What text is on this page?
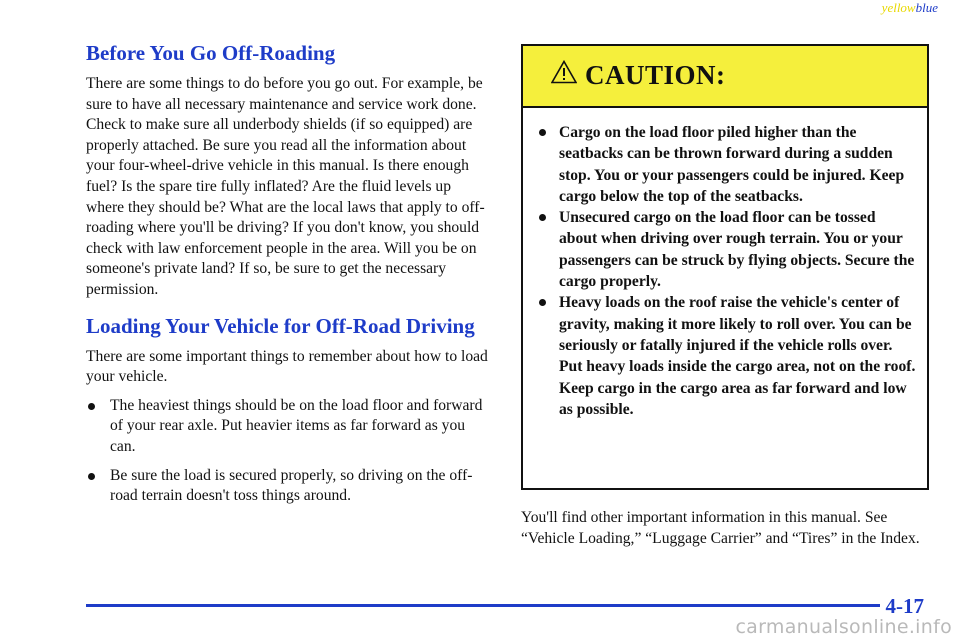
yellowblue
Before You Go Off-Roading

There are some things to do before you go out. For example, be sure to have all necessary maintenance and service work done. Check to make sure all underbody shields (if so equipped) are properly attached. Be sure you read all the information about your four-wheel-drive vehicle in this manual. Is there enough fuel? Is the spare tire fully inflated? Are the fluid levels up where they should be? What are the local laws that apply to off-roading where you'll be driving? If you don't know, you should check with law enforcement people in the area. Will you be on someone's private land? If so, be sure to get the necessary permission.

Loading Your Vehicle for Off-Road Driving

There are some important things to remember about how to load your vehicle.

The heaviest things should be on the load floor and forward of your rear axle. Put heavier items as far forward as you can.
Be sure the load is secured properly, so driving on the off-road terrain doesn't toss things around.
CAUTION:
Cargo on the load floor piled higher than the seatbacks can be thrown forward during a sudden stop. You or your passengers could be injured. Keep cargo below the top of the seatbacks.
Unsecured cargo on the load floor can be tossed about when driving over rough terrain. You or your passengers can be struck by flying objects. Secure the cargo properly.
Heavy loads on the roof raise the vehicle's center of gravity, making it more likely to roll over. You can be seriously or fatally injured if the vehicle rolls over. Put heavy loads inside the cargo area, not on the roof. Keep cargo in the cargo area as far forward and low as possible.

You'll find other important information in this manual. See “Vehicle Loading,” “Luggage Carrier” and “Tires” in the Index.

4-17
carmanualsonline.info
